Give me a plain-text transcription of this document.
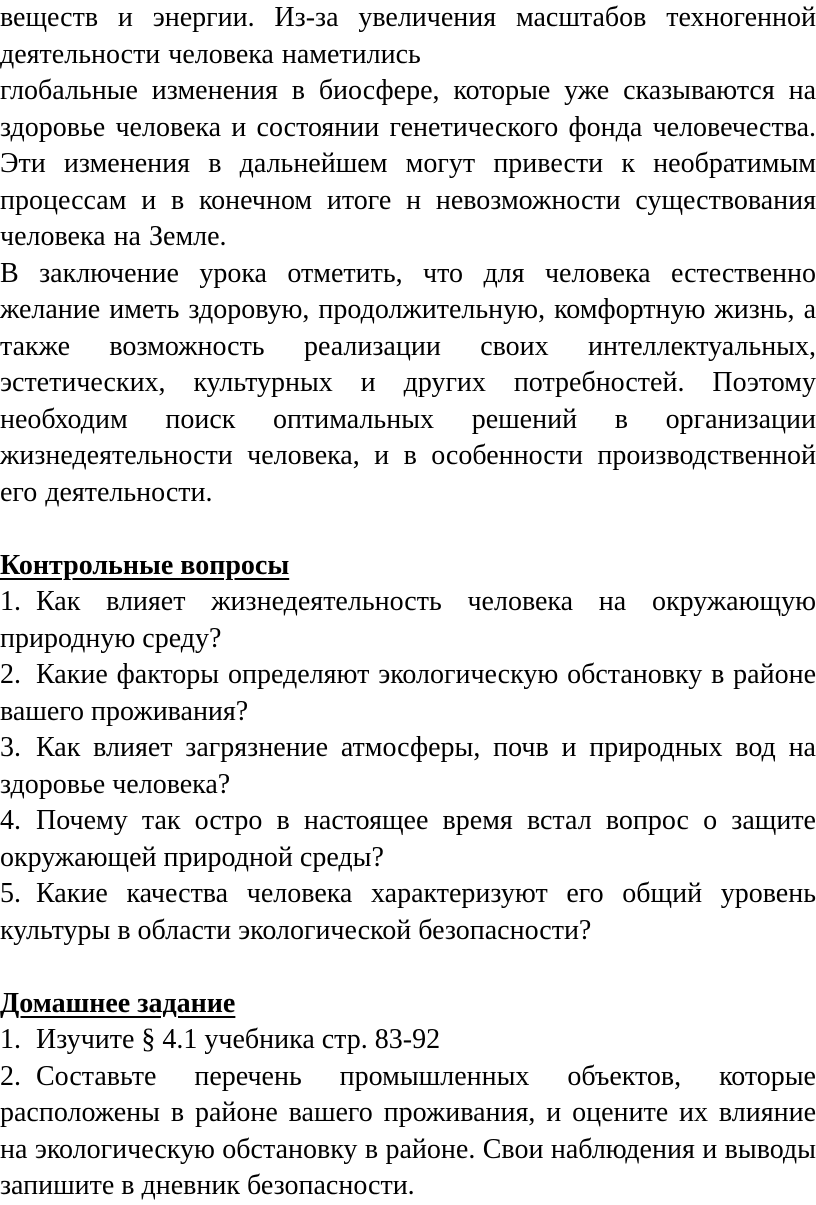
веществ и энергии. Из-за увеличения масштабов техногенной деятельности человека наметились

глобальные изменения в биосфере, которые уже сказываются на здоровье человека и состоянии генетического фонда человечества. Эти изменения в дальнейшем могут привести к необратимым процессам и в конечном итоге н невозможности существования человека на Земле.

В заключение урока отметить, что для человека естественно желание иметь здоровую, продолжительную, комфортную жизнь, а также возможность реализации своих интеллектуальных, эстетических, культурных и других потребностей. Поэтому необходим поиск оптимальных решений в организации жизнедеятельности человека, и в особенности производственной его деятельности.

Контрольные вопросы

1. Как влияет жизнедеятельность человека на окружающую природную среду?

2. Какие факторы определяют экологическую обстановку в районе вашего проживания?

3. Как влияет загрязнение атмосферы, почв и природных вод на здоровье человека?

4. Почему так остро в настоящее время встал вопрос о защите окружающей природной среды?

5. Какие качества человека характеризуют его общий уровень культуры в области экологической безопасности?

Домашнее задание

1. Изучите § 4.1 учебника стр. 83-92

2. Составьте перечень промышленных объектов, которые расположены в районе вашего проживания, и оцените их влияние на экологическую обстановку в районе. Свои наблюдения и выводы запишите в дневник безопасности.
